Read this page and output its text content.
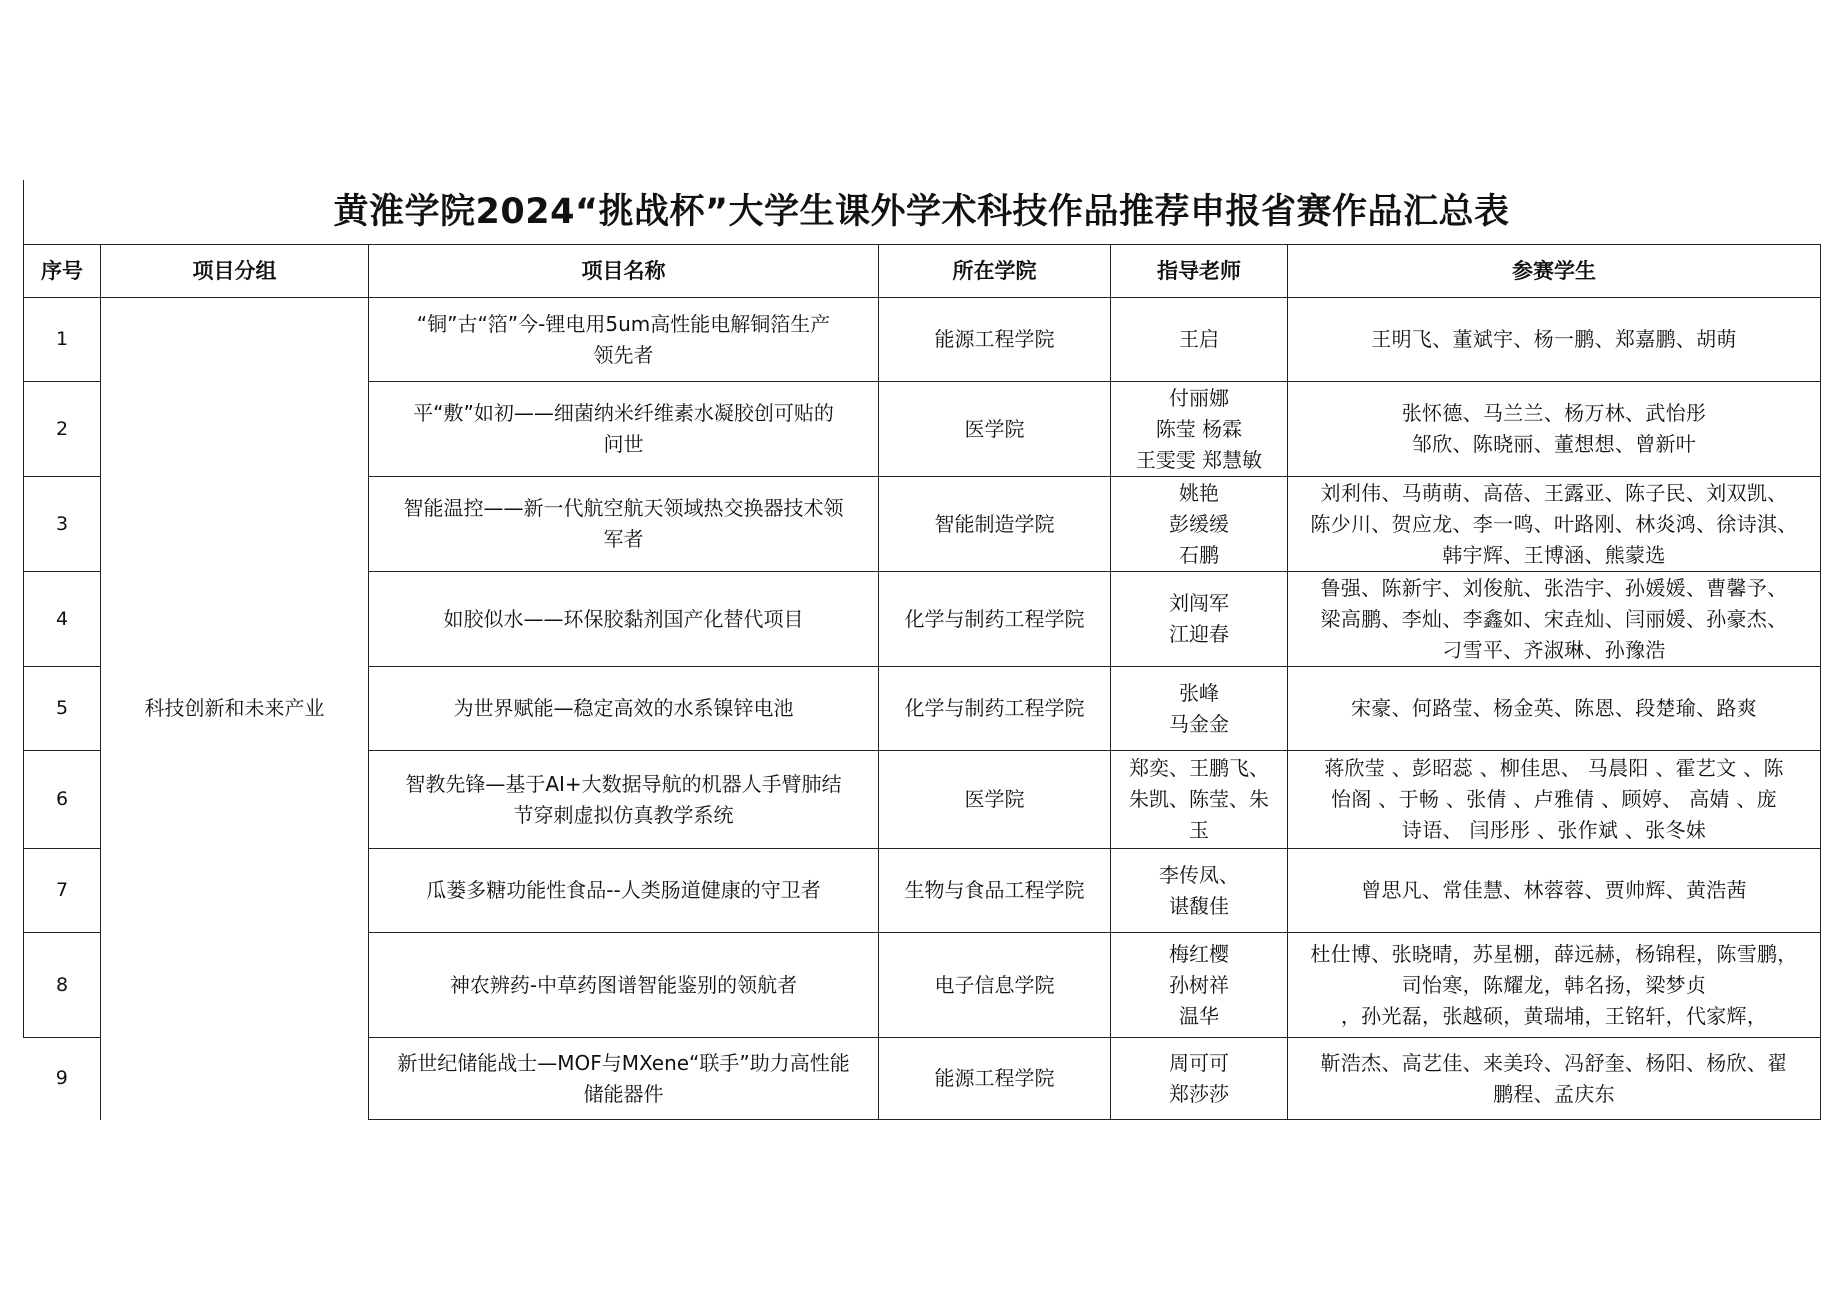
黄淮学院2024“挑战杯”大学生课外学术科技作品推荐申报省赛作品汇总表
序号	项目分组	项目名称	所在学院	指导老师	参赛学生
1	科技创新和未来产业	“铜”古“箔”今-锂电用5um高性能电解铜箔生产
领先者	能源工程学院	王启	王明飞、董斌宇、杨一鹏、郑嘉鹏、胡萌

2		平“敷”如初——细菌纳米纤维素水凝胶创可贴的
问世	医学院	付丽娜
陈莹 杨霖
王雯雯 郑慧敏	张怀德、马兰兰、杨万林、武怡彤
邹欣、陈晓丽、董想想、曾新叶

3		智能温控——新一代航空航天领域热交换器技术领
军者	智能制造学院	姚艳
彭缓缓
石鹏	刘利伟、马萌萌、高蓓、王露亚、陈子民、刘双凯、
陈少川、贺应龙、李一鸣、叶路刚、林炎鸿、徐诗淇、
韩宇辉、王博涵、熊蒙选

4		如胶似水——环保胶黏剂国产化替代项目	化学与制药工程学院	刘闯军
江迎春	鲁强、陈新宇、刘俊航、张浩宇、孙媛媛、曹馨予、
梁高鹏、李灿、李鑫如、宋垚灿、闫丽媛、孙豪杰、
刁雪平、齐淑琳、孙豫浩

5		为世界赋能—稳定高效的水系镍锌电池	化学与制药工程学院	张峰
马金金	宋豪、何路莹、杨金英、陈恩、段楚瑜、路爽

6		智教先锋—基于AI+大数据导航的机器人手臂肺结
节穿刺虚拟仿真教学系统	医学院	郑奕、王鹏飞、
朱凯、陈莹、朱
玉	蒋欣莹 、彭昭蕊 、柳佳思、 马晨阳 、霍艺文 、陈
怡阁 、于畅 、张倩 、卢雅倩 、顾婷、 高婧 、庞
诗语、 闫彤彤 、张作斌 、张冬妹

7		瓜蒌多糖功能性食品--人类肠道健康的守卫者	生物与食品工程学院	李传凤、
谌馥佳	曾思凡、常佳慧、林蓉蓉、贾帅辉、黄浩茜

8		神农辨药-中草药图谱智能鉴别的领航者	电子信息学院	梅红樱
孙树祥
温华	杜仕博、张晓晴，苏星棚，薛远赫，杨锦程，陈雪鹏，
司怡寒，陈耀龙，韩名扬，梁梦贞
，孙光磊，张越硕，黄瑞埔，王铭轩，代家辉，

9		新世纪储能战士—MOF与MXene“联手”助力高性能
储能器件	能源工程学院	周可可
郑莎莎	靳浩杰、高艺佳、来美玲、冯舒奎、杨阳、杨欣、翟
鹏程、孟庆东
